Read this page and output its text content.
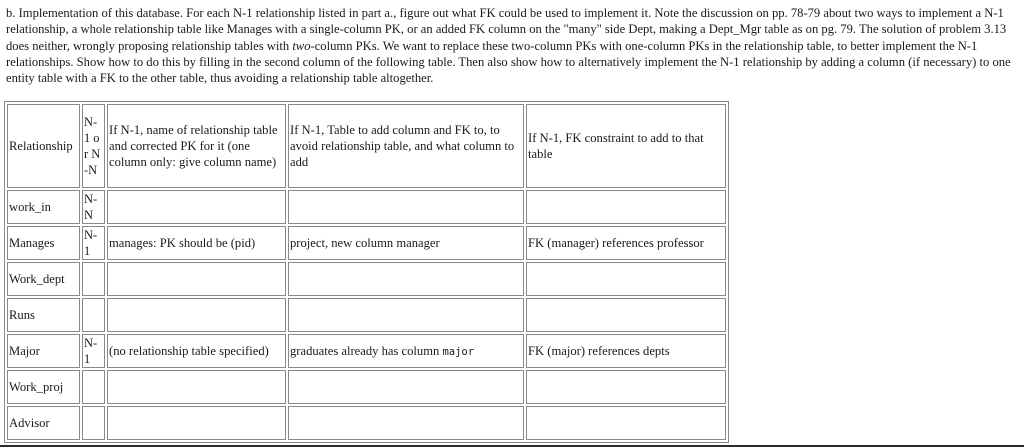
b. Implementation of this database. For each N-1 relationship listed in part a., figure out what FK could be used to implement it. Note the discussion on pp. 78-79 about two ways to implement a N-1 relationship, a whole relationship table like Manages with a single-column PK, or an added FK column on the "many" side Dept, making a Dept_Mgr table as on pg. 79. The solution of problem 3.13 does neither, wrongly proposing relationship tables with two-column PKs. We want to replace these two-column PKs with one-column PKs in the relationship table, to better implement the N-1 relationships. Show how to do this by filling in the second column of the following table. Then also show how to alternatively implement the N-1 relationship by adding a column (if necessary) to one entity table with a FK to the other table, thus avoiding a relationship table altogether.

Relationship	N-1 or N-N	If N-1, name of relationship table and corrected PK for it (one column only: give column name)	If N-1, Table to add column and FK to, to avoid relationship table, and what column to add	If N-1, FK constraint to add to that table
work_in	N-N			
Manages	N-1	manages: PK should be (pid)	project, new column manager	FK (manager) references professor
Work_dept				
Runs				
Major	N-1	(no relationship table specified)	graduates already has column major	FK (major) references depts
Work_proj				
Advisor				
